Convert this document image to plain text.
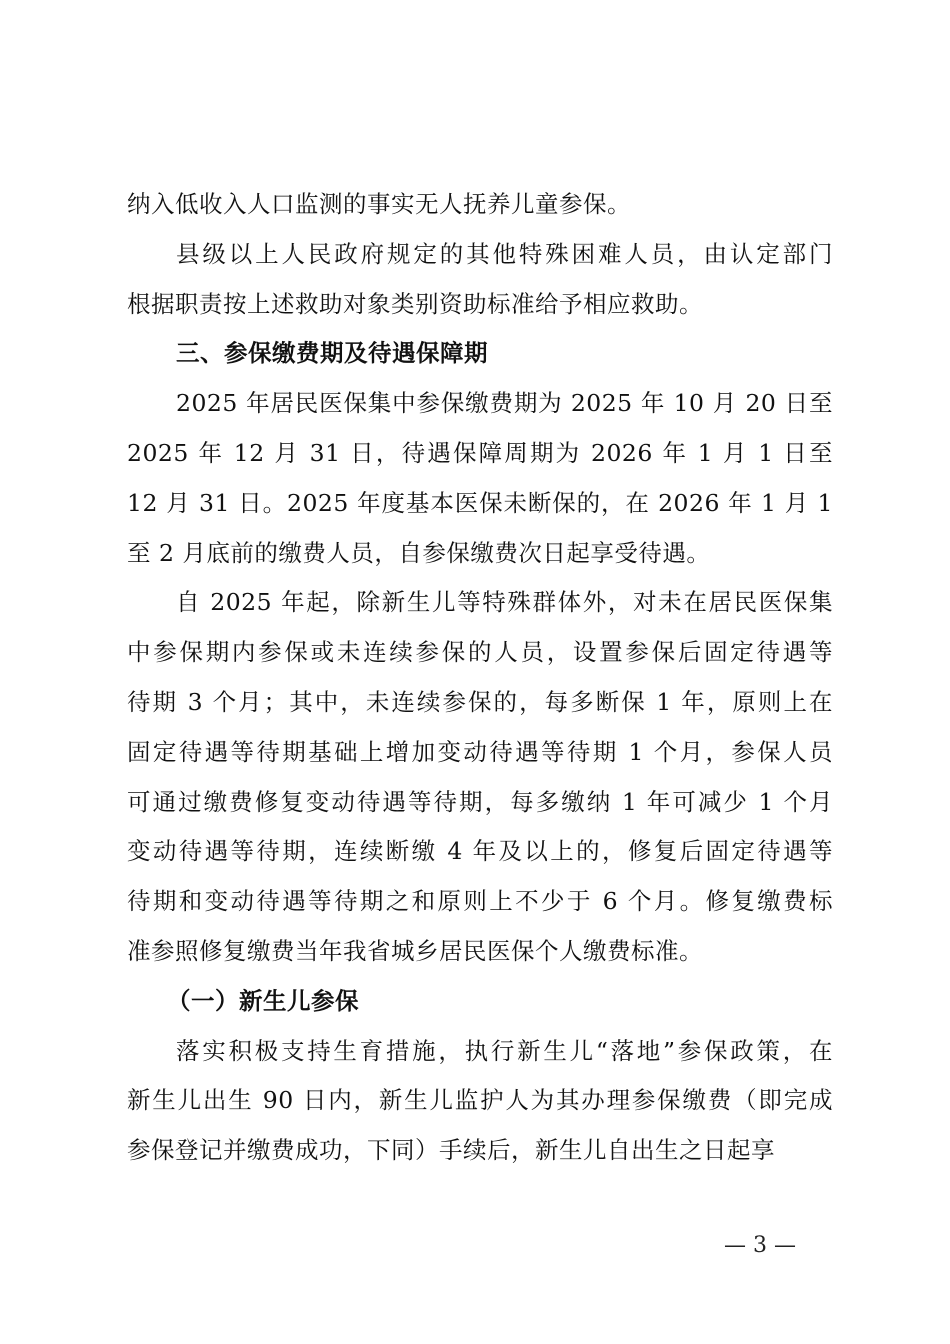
纳入低收入人口监测的事实无人抚养儿童参保。
县级以上人民政府规定的其他特殊困难人员，由认定部门
根据职责按上述救助对象类别资助标准给予相应救助。
三、参保缴费期及待遇保障期
2025 年居民医保集中参保缴费期为 2025 年 10 月 20 日至
2025 年 12 月 31 日，待遇保障周期为 2026 年 1 月 1 日至
12 月 31 日。2025 年度基本医保未断保的，在 2026 年 1 月 1
至 2 月底前的缴费人员，自参保缴费次日起享受待遇。
自 2025 年起，除新生儿等特殊群体外，对未在居民医保集
中参保期内参保或未连续参保的人员，设置参保后固定待遇等
待期 3 个月；其中，未连续参保的，每多断保 1 年，原则上在
固定待遇等待期基础上增加变动待遇等待期 1 个月，参保人员
可通过缴费修复变动待遇等待期，每多缴纳 1 年可减少 1 个月
变动待遇等待期，连续断缴 4 年及以上的，修复后固定待遇等
待期和变动待遇等待期之和原则上不少于 6 个月。修复缴费标
准参照修复缴费当年我省城乡居民医保个人缴费标准。
（一）新生儿参保
落实积极支持生育措施，执行新生儿“落地”参保政策，在
新生儿出生 90 日内，新生儿监护人为其办理参保缴费（即完成
参保登记并缴费成功，下同）手续后，新生儿自出生之日起享
— 3 —
